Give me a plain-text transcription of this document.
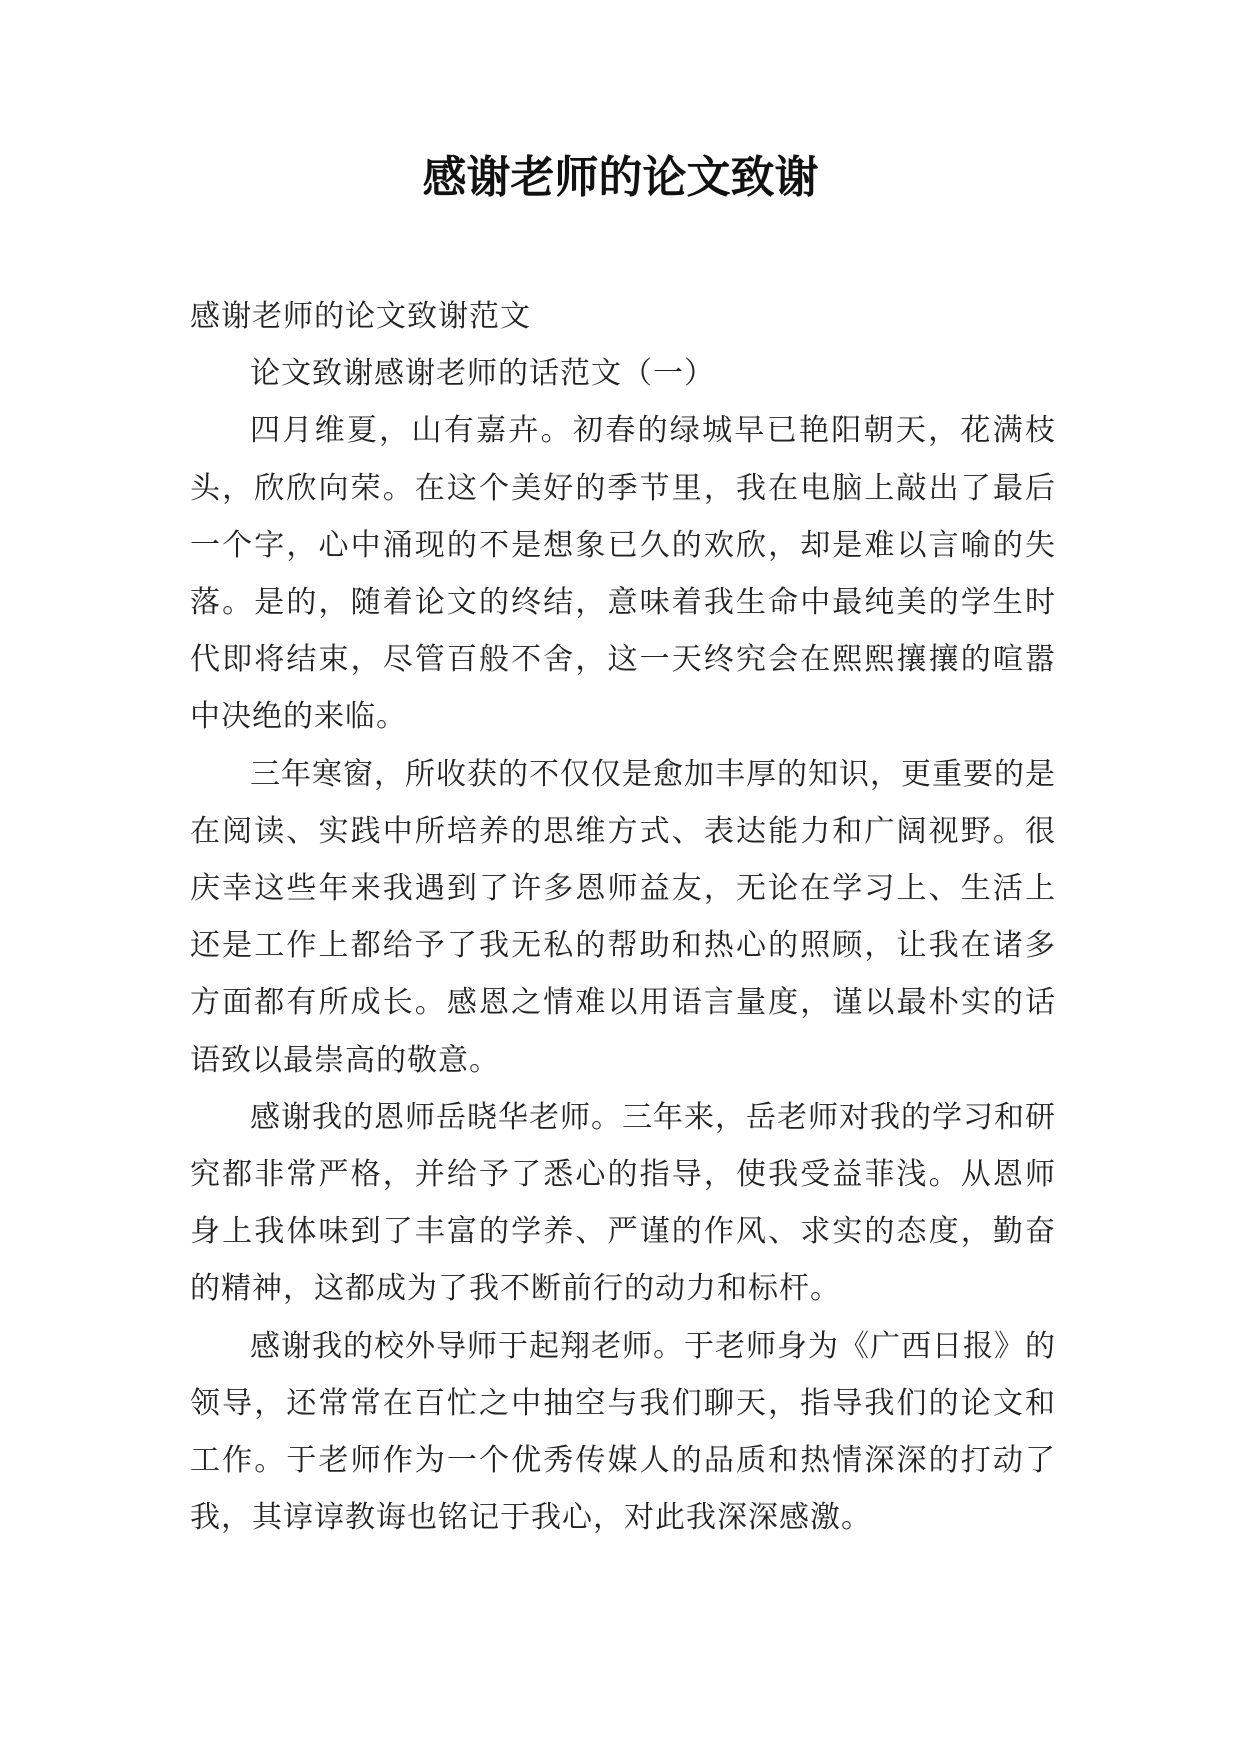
感谢老师的论文致谢

感谢老师的论文致谢范文

论文致谢感谢老师的话范文（一）

四月维夏，山有嘉卉。初春的绿城早已艳阳朝天，花满枝头，欣欣向荣。在这个美好的季节里，我在电脑上敲出了最后一个字，心中涌现的不是想象已久的欢欣，却是难以言喻的失落。是的，随着论文的终结，意味着我生命中最纯美的学生时代即将结束，尽管百般不舍，这一天终究会在熙熙攘攘的喧嚣中决绝的来临。

三年寒窗，所收获的不仅仅是愈加丰厚的知识，更重要的是在阅读、实践中所培养的思维方式、表达能力和广阔视野。很庆幸这些年来我遇到了许多恩师益友，无论在学习上、生活上还是工作上都给予了我无私的帮助和热心的照顾，让我在诸多方面都有所成长。感恩之情难以用语言量度，谨以最朴实的话语致以最崇高的敬意。

感谢我的恩师岳晓华老师。三年来，岳老师对我的学习和研究都非常严格，并给予了悉心的指导，使我受益菲浅。从恩师身上我体味到了丰富的学养、严谨的作风、求实的态度，勤奋的精神，这都成为了我不断前行的动力和标杆。

感谢我的校外导师于起翔老师。于老师身为《广西日报》的领导，还常常在百忙之中抽空与我们聊天，指导我们的论文和工作。于老师作为一个优秀传媒人的品质和热情深深的打动了我，其谆谆教诲也铭记于我心，对此我深深感激。
